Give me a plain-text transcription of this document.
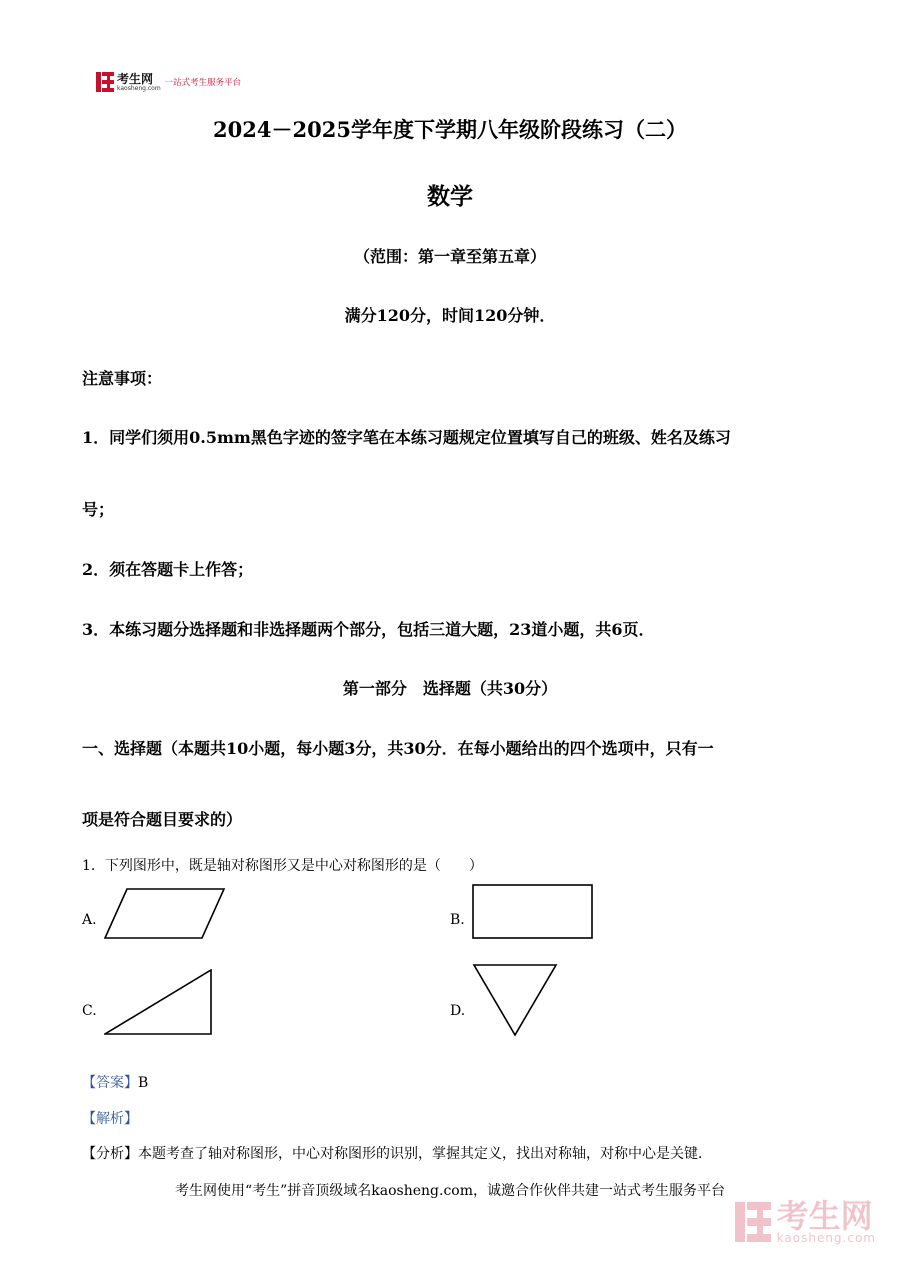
考生网
kaosheng.com 一站式考生服务平台
2024－2025学年度下学期八年级阶段练习（二）
数学
（范围：第一章至第五章）
满分120分，时间120分钟．
注意事项：
1．同学们须用0.5mm黑色字迹的签字笔在本练习题规定位置填写自己的班级、姓名及练习
号；
2．须在答题卡上作答；
3．本练习题分选择题和非选择题两个部分，包括三道大题，23道小题，共6页．
第一部分　选择题（共30分）
一、选择题（本题共10小题，每小题3分，共30分．在每小题给出的四个选项中，只有一
项是符合题目要求的）
1．下列图形中，既是轴对称图形又是中心对称图形的是（　　）
A.	B.
C.	D.
【答案】B
【解析】
【分析】本题考查了轴对称图形，中心对称图形的识别，掌握其定义，找出对称轴，对称中心是关键．
考生网使用“考生”拼音顶级域名kaosheng.com，诚邀合作伙伴共建一站式考生服务平台
考生网
kaosheng.com
